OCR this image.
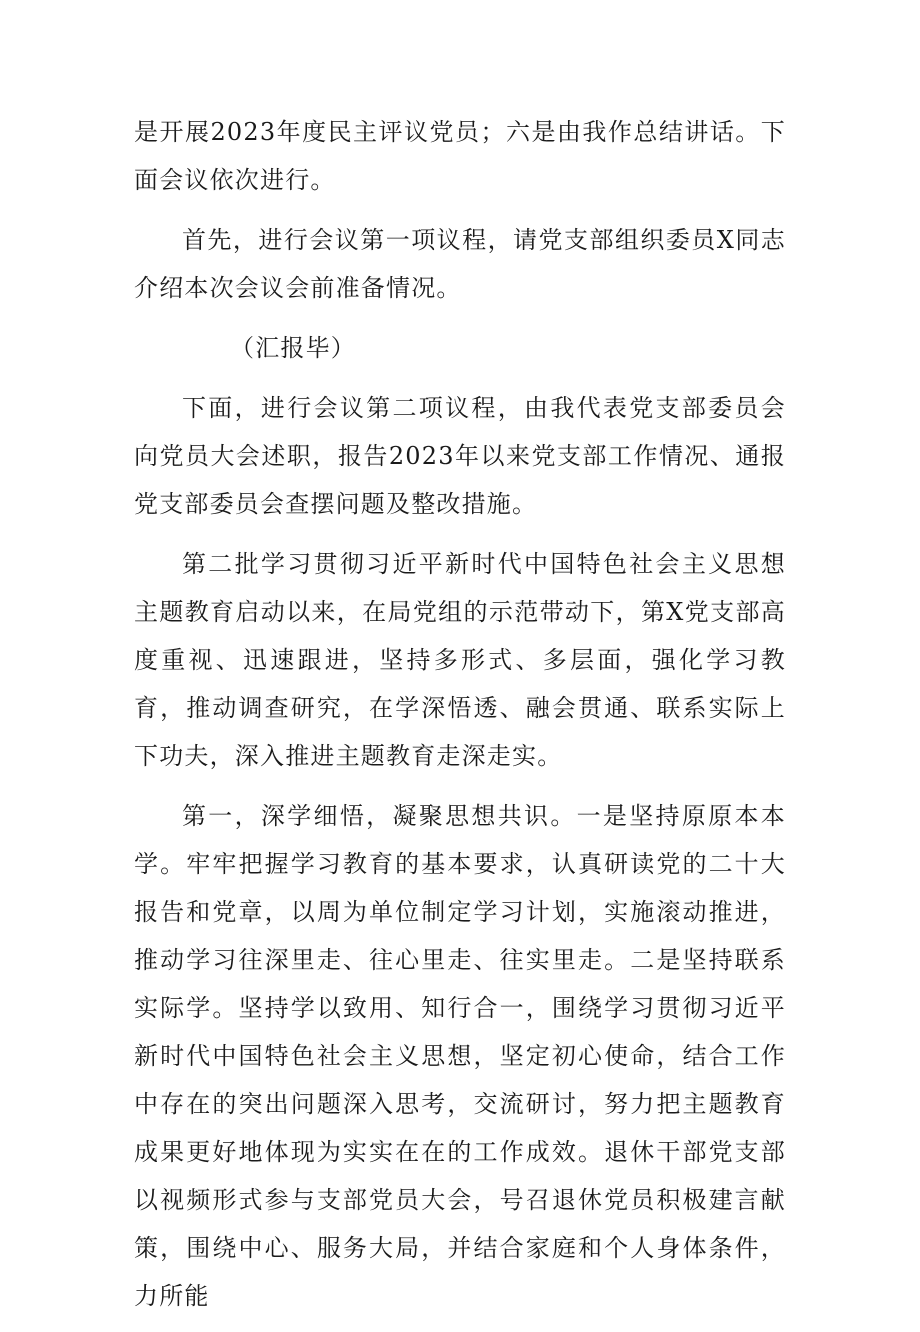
是开展2023年度民主评议党员；六是由我作总结讲话。下面会议依次进行。

首先，进行会议第一项议程，请党支部组织委员X同志介绍本次会议会前准备情况。

（汇报毕）

下面，进行会议第二项议程，由我代表党支部委员会向党员大会述职，报告2023年以来党支部工作情况、通报党支部委员会查摆问题及整改措施。

第二批学习贯彻习近平新时代中国特色社会主义思想主题教育启动以来，在局党组的示范带动下，第X党支部高度重视、迅速跟进，坚持多形式、多层面，强化学习教育，推动调查研究，在学深悟透、融会贯通、联系实际上下功夫，深入推进主题教育走深走实。

第一，深学细悟，凝聚思想共识。一是坚持原原本本学。牢牢把握学习教育的基本要求，认真研读党的二十大报告和党章，以周为单位制定学习计划，实施滚动推进，推动学习往深里走、往心里走、往实里走。二是坚持联系实际学。坚持学以致用、知行合一，围绕学习贯彻习近平新时代中国特色社会主义思想，坚定初心使命，结合工作中存在的突出问题深入思考，交流研讨，努力把主题教育成果更好地体现为实实在在的工作成效。退休干部党支部以视频形式参与支部党员大会，号召退休党员积极建言献策，围绕中心、服务大局，并结合家庭和个人身体条件，力所能
